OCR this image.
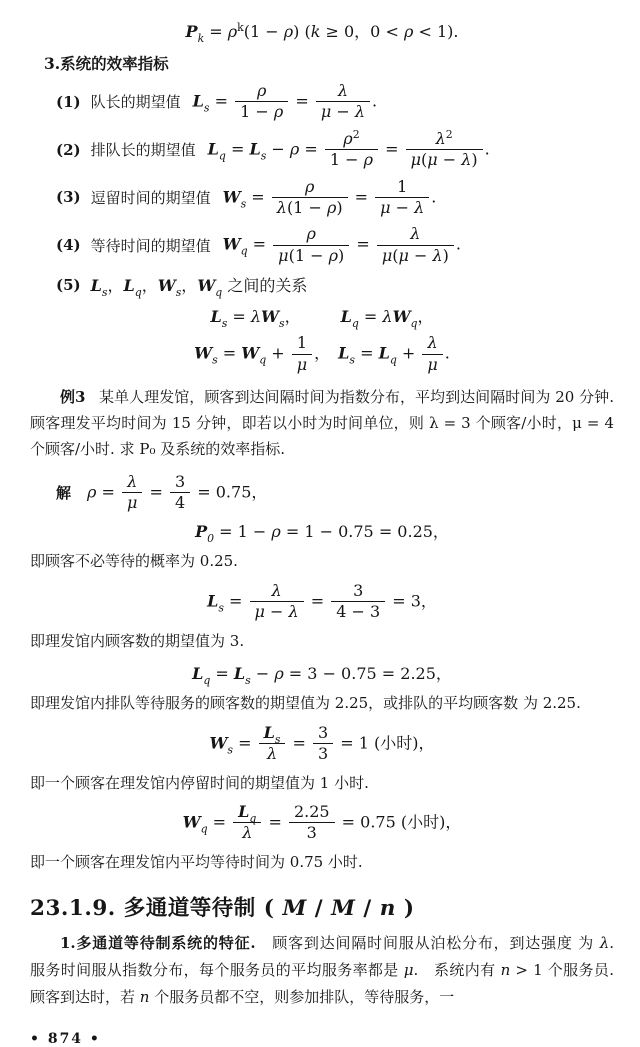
$P_k = \rho^k(1 - \rho) (k \ge 0$，0 < ρ < 1).
3.系统的效率指标
(1) 队长的期望值 $L_s = \frac{\rho}{1 - \rho} = \frac{\lambda}{\mu - \lambda}$ .
(2) 排队长的期望值 $L_q = L_s - \rho = \frac{\rho^2}{1 - \rho} = \frac{\lambda^2}{\mu(\mu - \lambda)}$ .
(3) 逗留时间的期望值 $W_s = \frac{\rho}{\lambda(1 - \rho)} = \frac{1}{\mu - \lambda}$ .
(4) 等待时间的期望值 $W_q = \frac{\rho}{\mu(1 - \rho)} = \frac{\lambda}{\mu(\mu - \lambda)}$ .
(5) $L_s$，$L_q$，$W_s$，$W_q$ 之间的关系
$L_s = \lambda W_s$，　　　$L_q = \lambda W_q$，
$W_s = W_q + \frac{1}{\mu}$ ，　$L_s = L_q + \frac{\lambda}{\mu}$ .

例3 某单人理发馆，顾客到达间隔时间为指数分布，平均到达间隔时间为 20 分钟. 顾客理发平均时间为 15 分钟，即若以小时为时间单位，则 λ = 3 个顾客/小时，μ = 4 个顾客/小时. 求 P₀ 及系统的效率指标.

解 $\rho = \frac{\lambda}{\mu} = \frac{3}{4} = 0.75$，
$P_0 = 1 - \rho = 1 - 0.75 = 0.25$，

即顾客不必等待的概率为 0.25.

$L_s = \frac{\lambda}{\mu - \lambda} = \frac{3}{4 - 3} = 3$，

即理发馆内顾客数的期望值为 3.

$L_q = L_s - \rho = 3 - 0.75 = 2.25$，

即理发馆内排队等待服务的顾客数的期望值为 2.25，或排队的平均顾客数 为 2.25.

$W_s = \frac{L_s}{\lambda} = \frac{3}{3} = 1$ (小时)，

即一个顾客在理发馆内停留时间的期望值为 1 小时.

$W_q = \frac{L_q}{\lambda} = \frac{2.25}{3} = 0.75$ (小时)，

即一个顾客在理发馆内平均等待时间为 0.75 小时.

23.1.9. 多通道等待制 ( M / M / n )

1.多通道等待制系统的特征.　顾客到达间隔时间服从泊松分布，到达强度 为 λ.　服务时间服从指数分布，每个服务员的平均服务率都是 μ.　系统内有 n > 1 个服务员.　顾客到达时，若 n 个服务员都不空，则参加排队，等待服务，一

• 874 •
